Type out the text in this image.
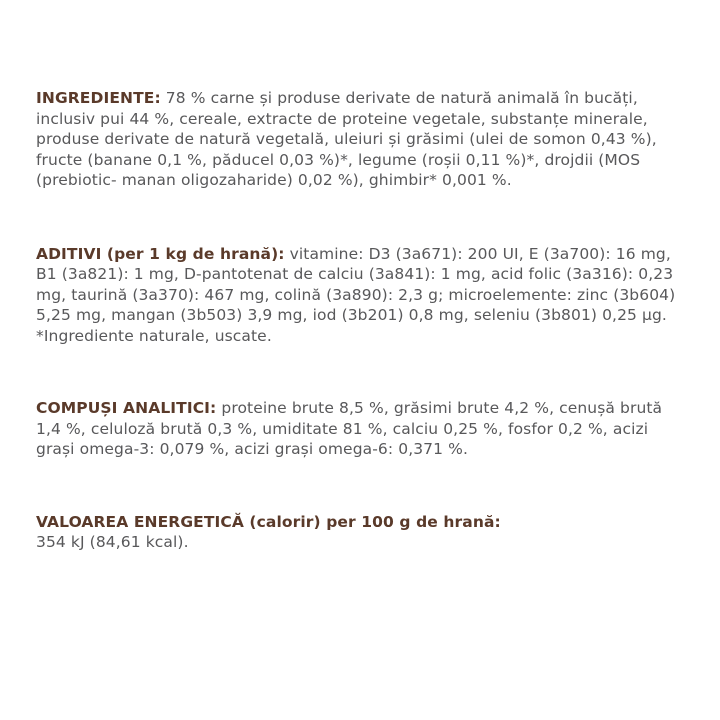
INGREDIENTE: 78 % carne și produse derivate de natură animală în bucăți, inclusiv pui 44 %, cereale, extracte de proteine vegetale, substanțe minerale, produse derivate de natură vegetală, uleiuri și grăsimi (ulei de somon 0,43 %), fructe (banane 0,1 %, păducel 0,03 %)*, legume (roșii 0,11 %)*, drojdii (MOS (prebiotic- manan oligozaharide) 0,02 %), ghimbir* 0,001 %.

ADITIVI (per 1 kg de hrană): vitamine: D3 (3a671): 200 UI, E (3a700): 16 mg, B1 (3a821): 1 mg, D-pantotenat de calciu (3a841): 1 mg, acid folic (3a316): 0,23 mg, taurină (3a370): 467 mg, colină (3a890): 2,3 g; microelemente: zinc (3b604) 5,25 mg, mangan (3b503) 3,9 mg, iod (3b201) 0,8 mg, seleniu (3b801) 0,25 µg.
*Ingrediente naturale, uscate.

COMPUȘI ANALITICI: proteine brute 8,5 %, grăsimi brute 4,2 %, cenușă brută 1,4 %, celuloză brută 0,3 %, umiditate 81 %, calciu 0,25 %, fosfor 0,2 %, acizi grași omega-3: 0,079 %, acizi grași omega-6: 0,371 %.

VALOAREA ENERGETICĂ (calorir) per 100 g de hrană:
354 kJ (84,61 kcal).
